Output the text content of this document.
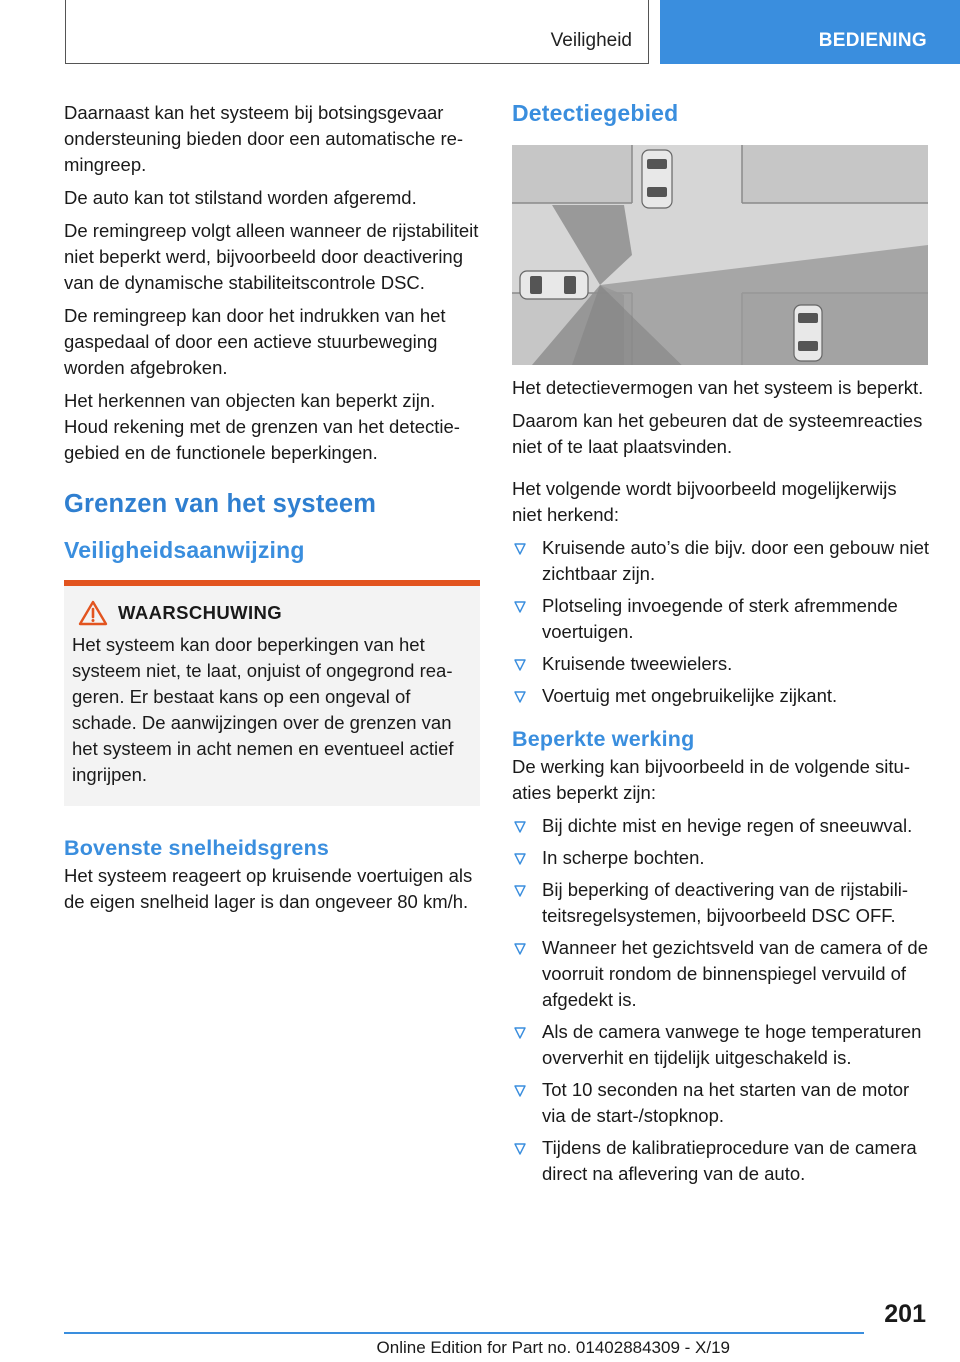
Veiligheid	BEDIENING

Daarnaast kan het systeem bij botsingsgevaar ondersteuning bieden door een automatische remingreep.

De auto kan tot stilstand worden afgeremd.

De remingreep volgt alleen wanneer de rijstabiliteit niet beperkt werd, bijvoorbeeld door deactivering van de dynamische stabiliteitscontrole DSC.

De remingreep kan door het indrukken van het gaspedaal of door een actieve stuurbeweging worden afgebroken.

Het herkennen van objecten kan beperkt zijn. Houd rekening met de grenzen van het detectiegebied en de functionele beperkingen.

Grenzen van het systeem
Veiligheidsaanwijzing
WAARSCHUWING

Het systeem kan door beperkingen van het systeem niet, te laat, onjuist of ongegrond reageren. Er bestaat kans op een ongeval of schade. De aanwijzingen over de grenzen van het systeem in acht nemen en eventueel actief ingrijpen.

Bovenste snelheidsgrens

Het systeem reageert op kruisende voertuigen als de eigen snelheid lager is dan ongeveer 80 km/h.

Detectiegebied

Het detectievermogen van het systeem is beperkt.

Daarom kan het gebeuren dat de systeemreacties niet of te laat plaatsvinden.

Het volgende wordt bijvoorbeeld mogelijkerwijs niet herkend:

Kruisende auto’s die bijv. door een gebouw niet zichtbaar zijn.
Plotseling invoegende of sterk afremmende voertuigen.
Kruisende tweewielers.
Voertuig met ongebruikelijke zijkant.
Beperkte werking

De werking kan bijvoorbeeld in de volgende situaties beperkt zijn:

Bij dichte mist en hevige regen of sneeuwval.
In scherpe bochten.
Bij beperking of deactivering van de rijstabiliteitsregelsystemen, bijvoorbeeld DSC OFF.
Wanneer het gezichtsveld van de camera of de voorruit rondom de binnenspiegel vervuild of afgedekt is.
Als de camera vanwege te hoge temperaturen oververhit en tijdelijk uitgeschakeld is.
Tot 10 seconden na het starten van de motor via de start-/stopknop.
Tijdens de kalibratieprocedure van de camera direct na aflevering van de auto.
201
Online Edition for Part no. 01402884309 - X/19
